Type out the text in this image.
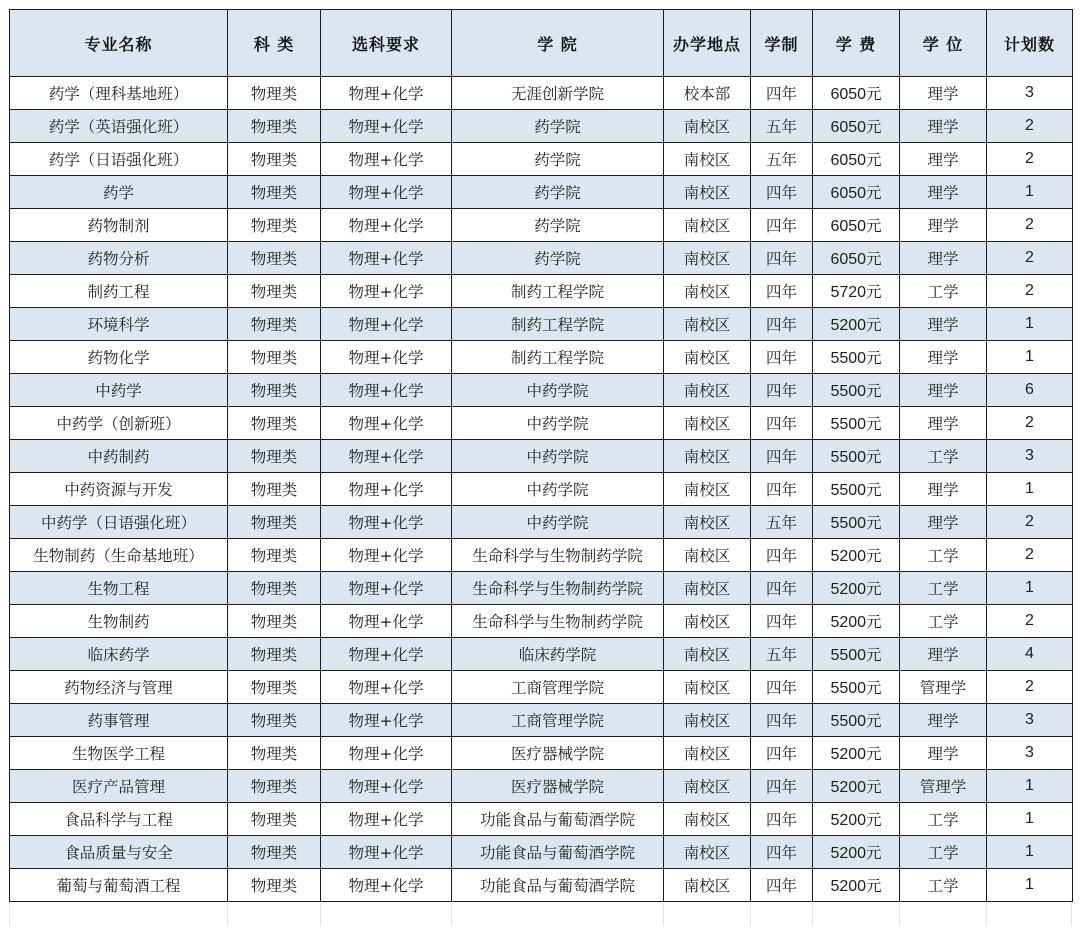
专业名称	科 类	选科要求	学 院	办学地点	学制	学 费	学 位	计划数
药学（理科基地班）	物理类	物理+化学	无涯创新学院	校本部	四年	6050元	理学	3
药学（英语强化班）	物理类	物理+化学	药学院	南校区	五年	6050元	理学	2
药学（日语强化班）	物理类	物理+化学	药学院	南校区	五年	6050元	理学	2
药学	物理类	物理+化学	药学院	南校区	四年	6050元	理学	1
药物制剂	物理类	物理+化学	药学院	南校区	四年	6050元	理学	2
药物分析	物理类	物理+化学	药学院	南校区	四年	6050元	理学	2
制药工程	物理类	物理+化学	制药工程学院	南校区	四年	5720元	工学	2
环境科学	物理类	物理+化学	制药工程学院	南校区	四年	5200元	理学	1
药物化学	物理类	物理+化学	制药工程学院	南校区	四年	5500元	理学	1
中药学	物理类	物理+化学	中药学院	南校区	四年	5500元	理学	6
中药学（创新班）	物理类	物理+化学	中药学院	南校区	四年	5500元	理学	2
中药制药	物理类	物理+化学	中药学院	南校区	四年	5500元	工学	3
中药资源与开发	物理类	物理+化学	中药学院	南校区	四年	5500元	理学	1
中药学（日语强化班）	物理类	物理+化学	中药学院	南校区	五年	5500元	理学	2
生物制药（生命基地班）	物理类	物理+化学	生命科学与生物制药学院	南校区	四年	5200元	工学	2
生物工程	物理类	物理+化学	生命科学与生物制药学院	南校区	四年	5200元	工学	1
生物制药	物理类	物理+化学	生命科学与生物制药学院	南校区	四年	5200元	工学	2
临床药学	物理类	物理+化学	临床药学院	南校区	五年	5500元	理学	4
药物经济与管理	物理类	物理+化学	工商管理学院	南校区	四年	5500元	管理学	2
药事管理	物理类	物理+化学	工商管理学院	南校区	四年	5500元	理学	3
生物医学工程	物理类	物理+化学	医疗器械学院	南校区	四年	5200元	理学	3
医疗产品管理	物理类	物理+化学	医疗器械学院	南校区	四年	5200元	管理学	1
食品科学与工程	物理类	物理+化学	功能食品与葡萄酒学院	南校区	四年	5200元	工学	1
食品质量与安全	物理类	物理+化学	功能食品与葡萄酒学院	南校区	四年	5200元	工学	1
葡萄与葡萄酒工程	物理类	物理+化学	功能食品与葡萄酒学院	南校区	四年	5200元	工学	1
